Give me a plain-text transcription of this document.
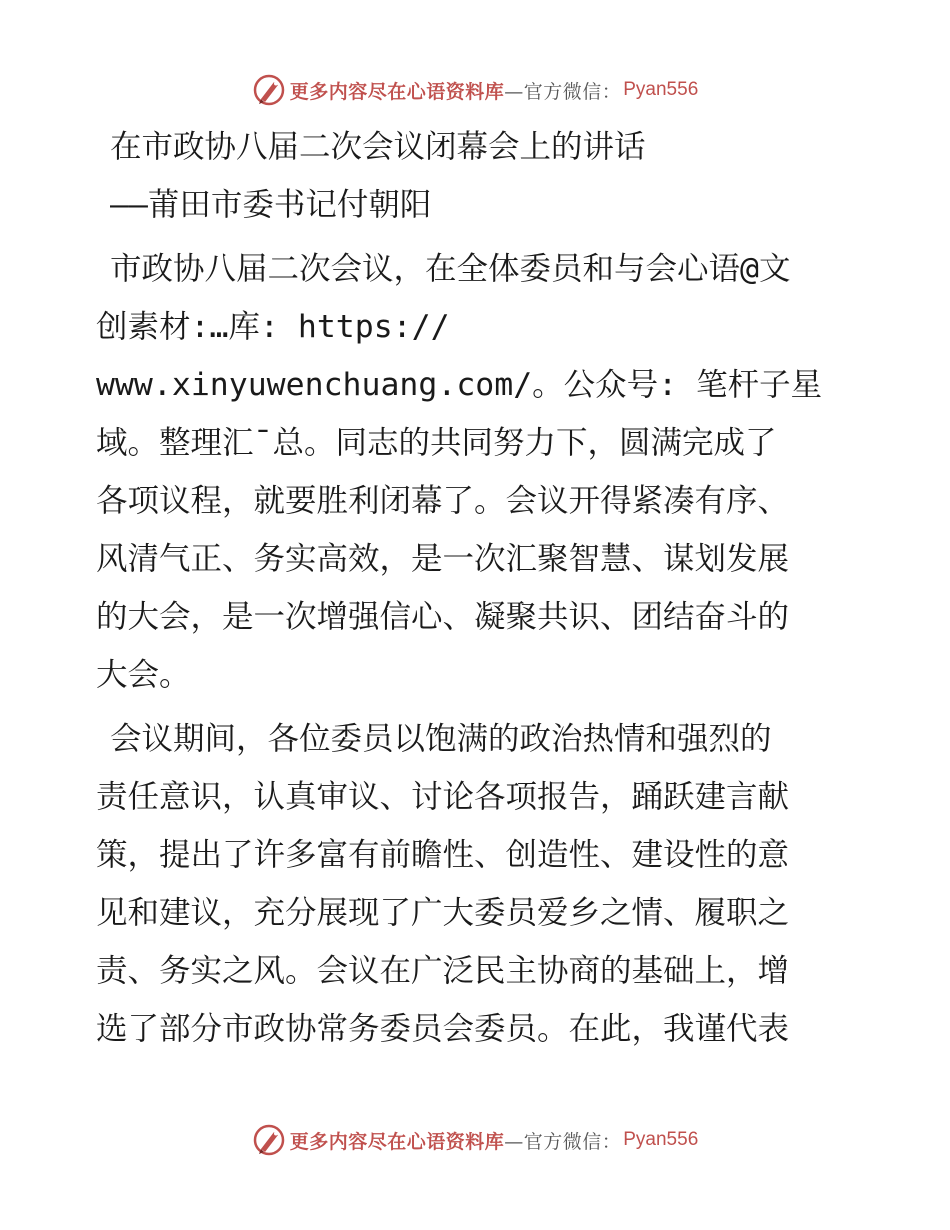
更多内容尽在心语资料库 —官方微信： Pyan556
在市政协八届二次会议闭幕会上的讲话
——莆田市委书记付朝阳
市政协八届二次会议，在全体委员和与会心语@文
创素材:…库: https://
www.xinyuwenchuang.com/。公众号: 笔杆子星
域。整理汇¯总。同志的共同努力下，圆满完成了
各项议程，就要胜利闭幕了。会议开得紧凑有序、
风清气正、务实高效，是一次汇聚智慧、谋划发展
的大会，是一次增强信心、凝聚共识、团结奋斗的
大会。
会议期间，各位委员以饱满的政治热情和强烈的
责任意识，认真审议、讨论各项报告，踊跃建言献
策，提出了许多富有前瞻性、创造性、建设性的意
见和建议，充分展现了广大委员爱乡之情、履职之
责、务实之风。会议在广泛民主协商的基础上，增
选了部分市政协常务委员会委员。在此，我谨代表
更多内容尽在心语资料库 —官方微信： Pyan556
